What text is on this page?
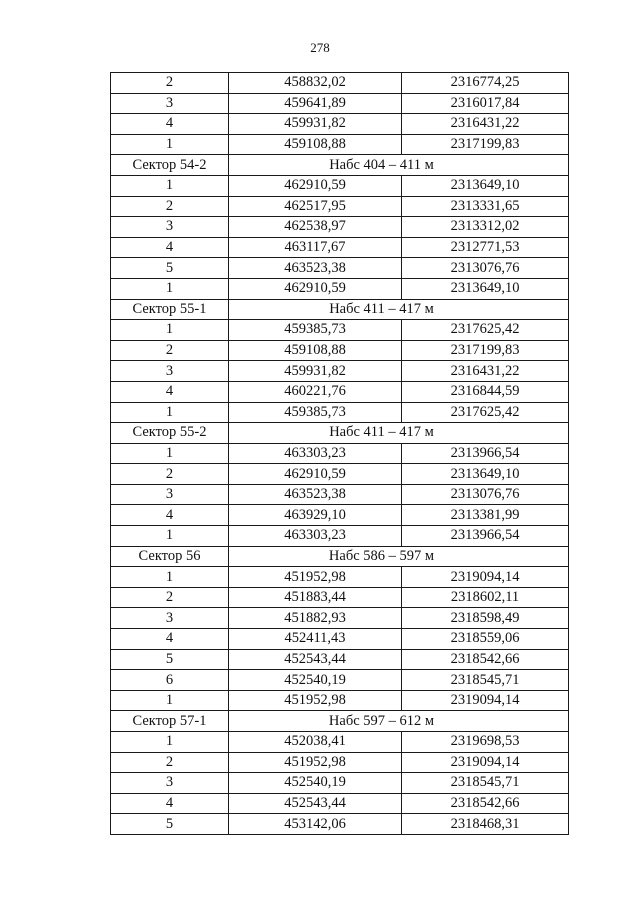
278
2	458832,02	2316774,25
3	459641,89	2316017,84
4	459931,82	2316431,22
1	459108,88	2317199,83
Сектор 54-2	Набс 404 – 411 м	
1	462910,59	2313649,10
2	462517,95	2313331,65
3	462538,97	2313312,02
4	463117,67	2312771,53
5	463523,38	2313076,76
1	462910,59	2313649,10
Сектор 55-1	Набс 411 – 417 м	
1	459385,73	2317625,42
2	459108,88	2317199,83
3	459931,82	2316431,22
4	460221,76	2316844,59
1	459385,73	2317625,42
Сектор 55-2	Набс 411 – 417 м	
1	463303,23	2313966,54
2	462910,59	2313649,10
3	463523,38	2313076,76
4	463929,10	2313381,99
1	463303,23	2313966,54
Сектор 56	Набс 586 – 597 м	
1	451952,98	2319094,14
2	451883,44	2318602,11
3	451882,93	2318598,49
4	452411,43	2318559,06
5	452543,44	2318542,66
6	452540,19	2318545,71
1	451952,98	2319094,14
Сектор 57-1	Набс 597 – 612 м	
1	452038,41	2319698,53
2	451952,98	2319094,14
3	452540,19	2318545,71
4	452543,44	2318542,66
5	453142,06	2318468,31
